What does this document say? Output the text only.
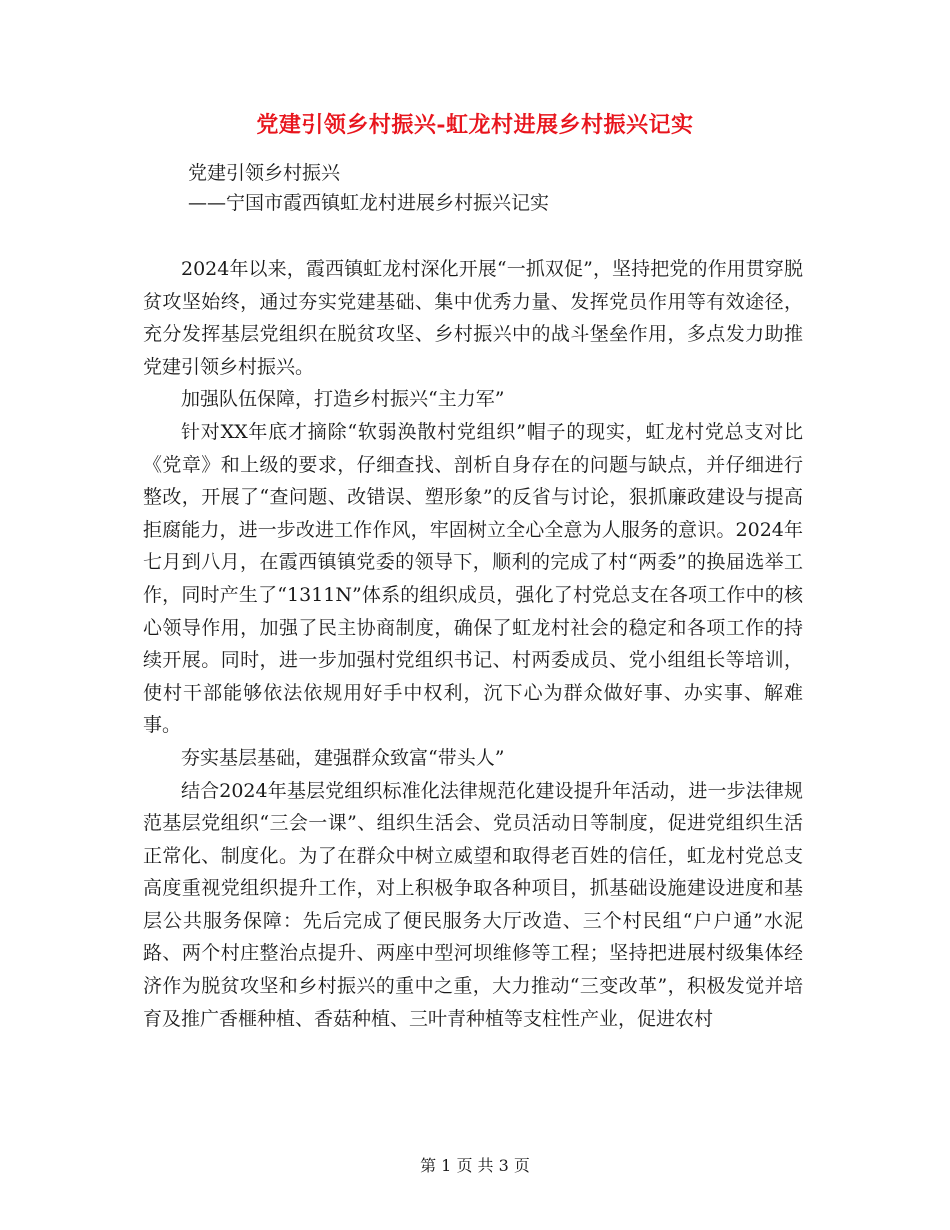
党建引领乡村振兴-虹龙村进展乡村振兴记实
党建引领乡村振兴
——宁国市霞西镇虹龙村进展乡村振兴记实

2024年以来，霞西镇虹龙村深化开展“一抓双促”，坚持把党的作用贯穿脱贫攻坚始终，通过夯实党建基础、集中优秀力量、发挥党员作用等有效途径，充分发挥基层党组织在脱贫攻坚、乡村振兴中的战斗堡垒作用，多点发力助推党建引领乡村振兴。

加强队伍保障，打造乡村振兴“主力军”

针对XX年底才摘除“软弱涣散村党组织”帽子的现实，虹龙村党总支对比《党章》和上级的要求，仔细查找、剖析自身存在的问题与缺点，并仔细进行整改，开展了“查问题、改错误、塑形象”的反省与讨论，狠抓廉政建设与提高拒腐能力，进一步改进工作作风，牢固树立全心全意为人服务的意识。2024年七月到八月，在霞西镇镇党委的领导下，顺利的完成了村“两委”的换届选举工作，同时产生了“1311N”体系的组织成员，强化了村党总支在各项工作中的核心领导作用，加强了民主协商制度，确保了虹龙村社会的稳定和各项工作的持续开展。同时，进一步加强村党组织书记、村两委成员、党小组组长等培训，使村干部能够依法依规用好手中权利，沉下心为群众做好事、办实事、解难事。

夯实基层基础，建强群众致富“带头人”

结合2024年基层党组织标准化法律规范化建设提升年活动，进一步法律规范基层党组织“三会一课”、组织生活会、党员活动日等制度，促进党组织生活正常化、制度化。为了在群众中树立威望和取得老百姓的信任，虹龙村党总支高度重视党组织提升工作，对上积极争取各种项目，抓基础设施建设进度和基层公共服务保障：先后完成了便民服务大厅改造、三个村民组“户户通”水泥路、两个村庄整治点提升、两座中型河坝维修等工程；坚持把进展村级集体经济作为脱贫攻坚和乡村振兴的重中之重，大力推动“三变改革”，积极发觉并培育及推广香榧种植、香菇种植、三叶青种植等支柱性产业，促进农村

第 1 页 共 3 页
